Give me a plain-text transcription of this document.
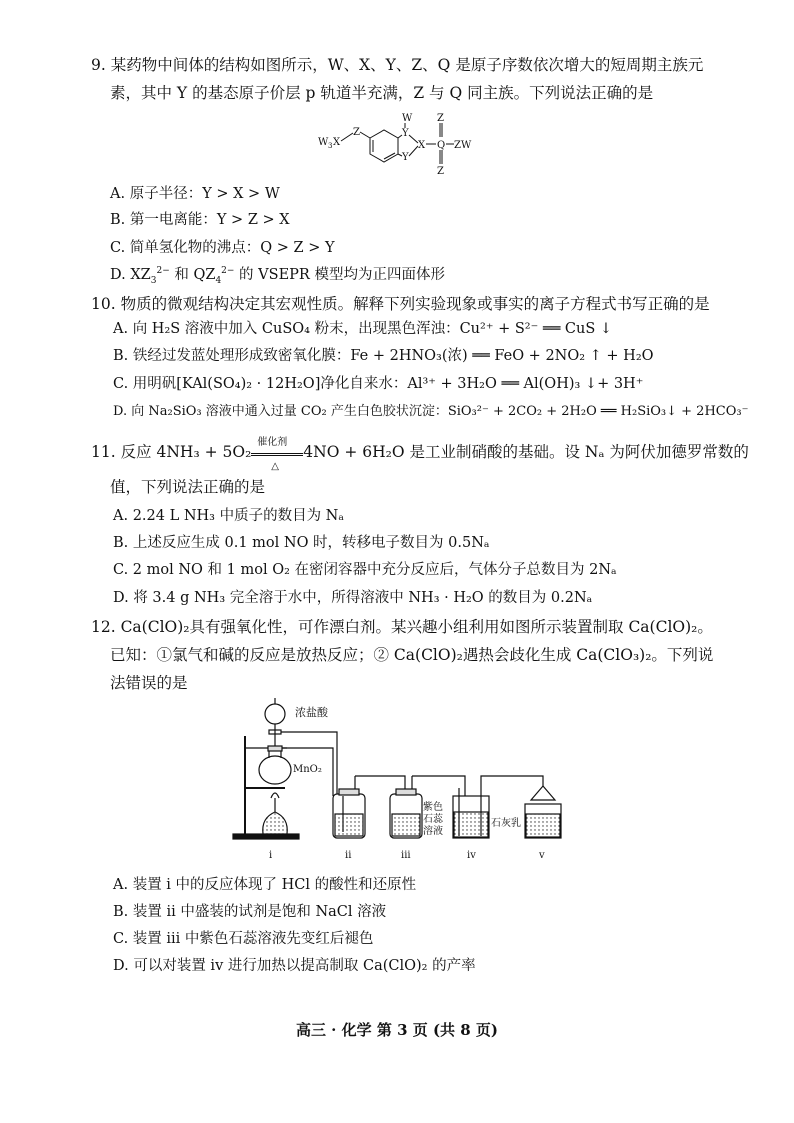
9. 某药物中间体的结构如图所示，W、X、Y、Z、Q 是原子序数依次增大的短周期主族元
素，其中 Y 的基态原子价层 p 轨道半充满，Z 与 Q 同主族。下列说法正确的是
W 3 X
Z
W
Y
Y
X
Z
Q
Z
ZW
A. 原子半径：Y > X > W
B. 第一电离能：Y > Z > X
C. 简单氢化物的沸点：Q > Z > Y
D. $XZ_3^{2-}$ 和 $QZ_4^{2-}$ 的 VSEPR 模型均为正四面体形
10. 物质的微观结构决定其宏观性质。解释下列实验现象或事实的离子方程式书写正确的是
A. 向 H₂S 溶液中加入 CuSO₄ 粉末，出现黑色浑浊：Cu²⁺ + S²⁻ ══ CuS ↓
B. 铁经过发蓝处理形成致密氧化膜：Fe + 2HNO₃(浓) ══ FeO + 2NO₂ ↑ + H₂O
C. 用明矾[KAl(SO₄)₂ · 12H₂O]净化自来水：Al³⁺ + 3H₂O ══ Al(OH)₃ ↓+ 3H⁺
D. 向 Na₂SiO₃ 溶液中通入过量 CO₂ 产生白色胶状沉淀：SiO₃²⁻ + 2CO₂ + 2H₂O ══ H₂SiO₃↓ + 2HCO₃⁻
11. 反应 4NH₃ + 5O₂
催化剂
△
4NO + 6H₂O 是工业制硝酸的基础。设 Nₐ 为阿伏加德罗常数的
值，下列说法正确的是
A. 2.24 L NH₃ 中质子的数目为 Nₐ
B. 上述反应生成 0.1 mol NO 时，转移电子数目为 0.5Nₐ
C. 2 mol NO 和 1 mol O₂ 在密闭容器中充分反应后，气体分子总数目为 2Nₐ
D. 将 3.4 g NH₃ 完全溶于水中，所得溶液中 NH₃ · H₂O 的数目为 0.2Nₐ
12. Ca(ClO)₂具有强氧化性，可作漂白剂。某兴趣小组利用如图所示装置制取 Ca(ClO)₂。
已知：①氯气和碱的反应是放热反应；② Ca(ClO)₂遇热会歧化生成 Ca(ClO₃)₂。下列说
法错误的是
浓盐酸
MnO₂
紫色
石蕊
溶液
石灰乳
i	ii	iii	iv	v
A. 装置 i 中的反应体现了 HCl 的酸性和还原性
B. 装置 ii 中盛装的试剂是饱和 NaCl 溶液
C. 装置 iii 中紫色石蕊溶液先变红后褪色
D. 可以对装置 iv 进行加热以提高制取 Ca(ClO)₂ 的产率
高三 · 化学 第 3 页 (共 8 页)
